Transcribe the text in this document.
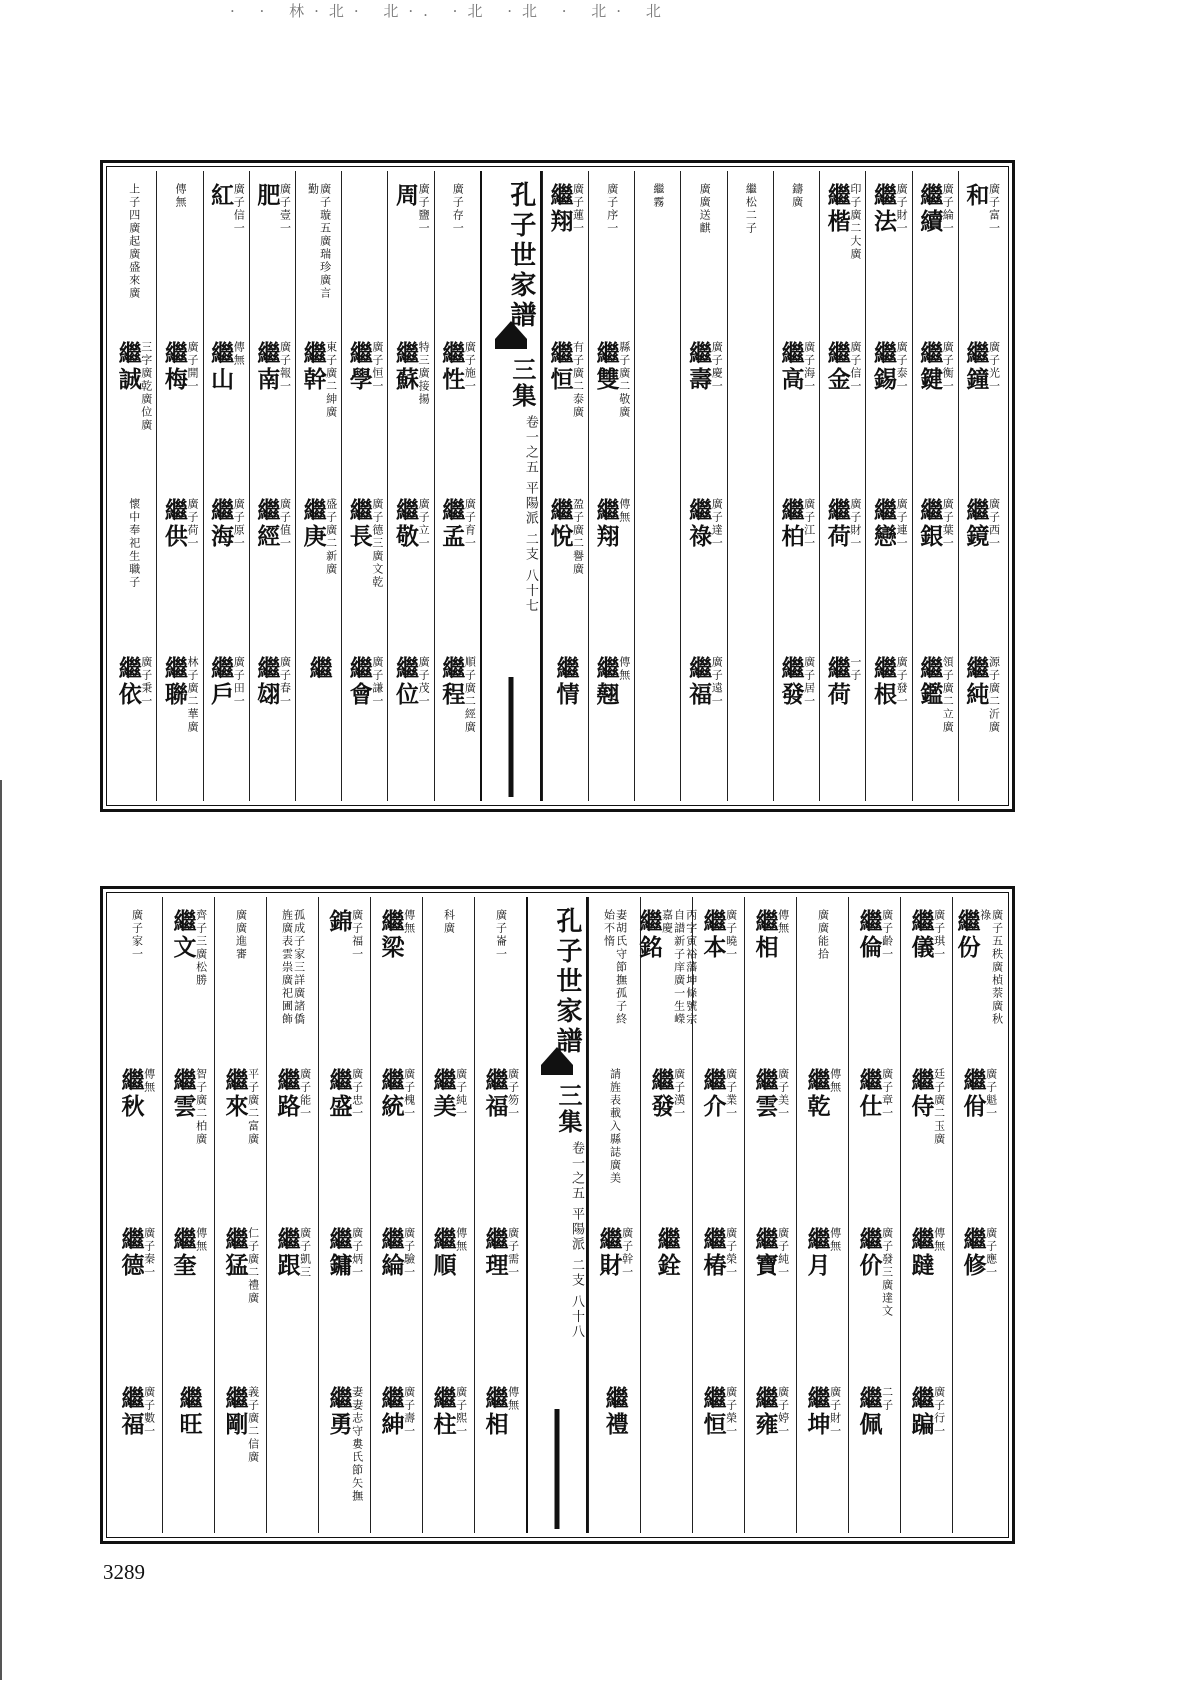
· · 林·北· 北·. ·北 ·北 · 北· 北
和
廣子富一
繼鐘
廣子光一
繼鏡
廣子西一
繼純
源子廣二沂廣
繼續
廣子綸一
繼鍵
廣子衡一
繼銀
廣子葉一
繼鑑
領子廣二立廣
繼法
廣子財一
繼錫
廣子泰一
繼戀
廣子連一
繼根
廣子發一
繼楷
印子廣二大廣
繼金
廣子信一
繼荷
廣子財一
繼荷
一子
鑄廣
繼高
廣子海一
繼柏
廣子江一
繼發
廣子居一
繼松二子
廣廣送麒
繼壽
廣子慶一
繼祿
廣子達一
繼福
廣子遠一
繼霧
廣子序一
繼雙
縣子廣二敬廣
繼翔
傳無
繼翹
傳無
繼翔
廣子蓮一
繼恒
有子廣二泰廣
繼悅
盈子廣二譽廣
繼情
孔子世家譜
三集
卷一之五 平陽派 二支 八十七
廣子存一
繼性
廣子施一
繼孟
廣子育一
繼程
順子廣二經廣
周
廣子鹽一
繼蘇
特三廣接揚
繼敬
廣子立一
繼位
廣子茂一
繼學
廣子恒一
繼長
廣子德三廣文乾
繼會
廣子謙一
廣子璇五廣瑞珍廣言勤
繼幹
東子廣二紳廣
繼庚
盛子廣二新廣
繼
肥
廣子壹一
繼南
廣子報一
繼經
廣子值一
繼翃
廣子春一
紅
廣子信一
繼山
傳無
繼海
廣子原一
繼戶
廣子田一
傳無
繼梅
廣子開一
繼供
廣子荷一
繼聯
林子廣二華廣
上子四廣起廣盛來廣
繼誠
三字廣乾廣位廣
懷中奉祀生職子
繼依
廣子秉一
繼份 廣子五秩廣楨萘廣秋祿
繼佾
廣子魁一
繼修
廣子應一
繼儀
廣子琪一
繼侍
廷子廣二玉廣
繼躂
傳無
繼蹁
廣子行一
繼倫
廣子齡一
繼仕
廣子章一
繼价
廣子發三廣達文
繼佩
二子
廣廣能拾
繼乾
傳無
繼月
傳無
繼坤
廣子財一
繼相
傳無
繼雲
廣子美一
繼寶
廣子純一
繼雍
廣子婷一
繼本
廣子曉一
繼介
廣子業一
繼椿
廣子榮一
繼恒
廣子榮一
繼銘	丙字寅裕藩坤條號宗自譜新子庠廣一生嶸嘉慶
繼發
廣子漢一
繼銓
妻胡氏守節撫孤子終始不惰
請旌表載入縣誌廣美
繼財
廣子幹一
繼禮
孔子世家譜
三集
卷一之五 平陽派 二支 八十八
廣子崙一
繼福
廣子笏一
繼理
廣子需一
繼相
傳無
科廣
繼美
廣子純一
繼順
傳無
繼柱
廣子熙一
繼梁
傳無
繼統
廣子槐一
繼綸
廣子驗一
繼紳
廣子壽一
錦
廣子福一
繼盛
廣子忠一
繼鏞
廣子炳一
繼勇
妻妻志守婁氏節矢撫
孤成子家三詳廣諸僑旌廣表雲祟廣祀圃飾
繼路
廣子能一
繼跟
廣子凱三
廣廣進審
繼來
平子廣二富廣
繼猛
仁子廣二禮廣
繼剛
義子廣二信廣
繼文
齊子三廣松勝
繼雲
智子廣二柏廣
繼奎
傳無
繼旺
廣子家一
繼秋
傳無
繼德
廣子秦一
繼福
廣子數一
3289
